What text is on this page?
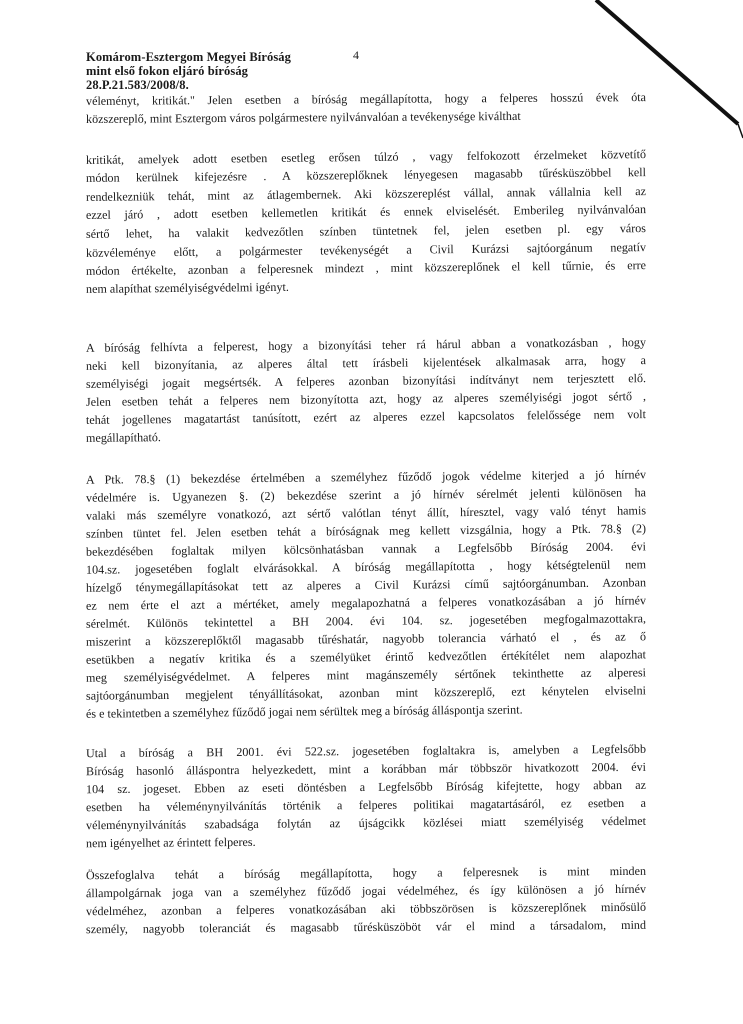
Komárom-Esztergom Megyei Bíróság
mint első fokon eljáró bíróság
28.P.21.583/2008/8.
4
véleményt, kritikát." Jelen esetben a bíróság megállapította, hogy a felperes hosszú évek óta
közszereplő, mint Esztergom város polgármestere nyilvánvalóan a tevékenysége kiválthat
kritikát, amelyek adott esetben esetleg erősen túlzó , vagy felfokozott érzelmeket közvetítő
módon kerülnek kifejezésre . A közszereplőknek lényegesen magasabb tűrésküszöbbel kell
rendelkezniük tehát, mint az átlagembernek. Aki közszereplést vállal, annak vállalnia kell az
ezzel járó , adott esetben kellemetlen kritikát és ennek elviselését. Emberileg nyilvánvalóan
sértő lehet, ha valakit kedvezőtlen színben tüntetnek fel, jelen esetben pl. egy város
közvéleménye előtt, a polgármester tevékenységét a Civil Kurázsi sajtóorgánum negatív
módon értékelte, azonban a felperesnek mindezt , mint közszereplőnek el kell tűrnie, és erre
nem alapíthat személyiségvédelmi igényt.
A bíróság felhívta a felperest, hogy a bizonyítási teher rá hárul abban a vonatkozásban , hogy
neki kell bizonyítania, az alperes által tett írásbeli kijelentések alkalmasak arra, hogy a
személyiségi jogait megsértsék. A felperes azonban bizonyítási indítványt nem terjesztett elő.
Jelen esetben tehát a felperes nem bizonyította azt, hogy az alperes személyiségi jogot sértő ,
tehát jogellenes magatartást tanúsított, ezért az alperes ezzel kapcsolatos felelőssége nem volt
megállapítható.
A Ptk. 78.§ (1) bekezdése értelmében a személyhez fűződő jogok védelme kiterjed a jó hírnév
védelmére is. Ugyanezen §. (2) bekezdése szerint a jó hírnév sérelmét jelenti különösen ha
valaki más személyre vonatkozó, azt sértő valótlan tényt állít, híresztel, vagy való tényt hamis
színben tüntet fel. Jelen esetben tehát a bíróságnak meg kellett vizsgálnia, hogy a Ptk. 78.§ (2)
bekezdésében foglaltak milyen kölcsönhatásban vannak a Legfelsőbb Bíróság 2004. évi
104.sz. jogesetében foglalt elvárásokkal. A bíróság megállapította , hogy kétségtelenül nem
hízelgő ténymegállapításokat tett az alperes a Civil Kurázsi című sajtóorgánumban. Azonban
ez nem érte el azt a mértéket, amely megalapozhatná a felperes vonatkozásában a jó hírnév
sérelmét. Különös tekintettel a BH 2004. évi 104. sz. jogesetében megfogalmazottakra,
miszerint a közszereplőktől magasabb tűréshatár, nagyobb tolerancia várható el , és az ő
esetükben a negatív kritika és a személyüket érintő kedvezőtlen értékítélet nem alapozhat
meg személyiségvédelmet. A felperes mint magánszemély sértőnek tekinthette az alperesi
sajtóorgánumban megjelent tényállításokat, azonban mint közszereplő, ezt kénytelen elviselni
és e tekintetben a személyhez fűződő jogai nem sérültek meg a bíróság álláspontja szerint.
Utal a bíróság a BH 2001. évi 522.sz. jogesetében foglaltakra is, amelyben a Legfelsőbb
Bíróság hasonló álláspontra helyezkedett, mint a korábban már többször hivatkozott 2004. évi
104 sz. jogeset. Ebben az eseti döntésben a Legfelsőbb Bíróság kifejtette, hogy abban az
esetben ha véleménynyilvánítás történik a felperes politikai magatartásáról, ez esetben a
véleménynyilvánítás szabadsága folytán az újságcikk közlései miatt személyiség védelmet
nem igényelhet az érintett felperes.
Összefoglalva tehát a bíróság megállapította, hogy a felperesnek is mint minden
állampolgárnak joga van a személyhez fűződő jogai védelméhez, és így különösen a jó hírnév
védelméhez, azonban a felperes vonatkozásában aki többszörösen is közszereplőnek minősülő
személy, nagyobb toleranciát és magasabb tűrésküszöböt vár el mind a társadalom, mind
